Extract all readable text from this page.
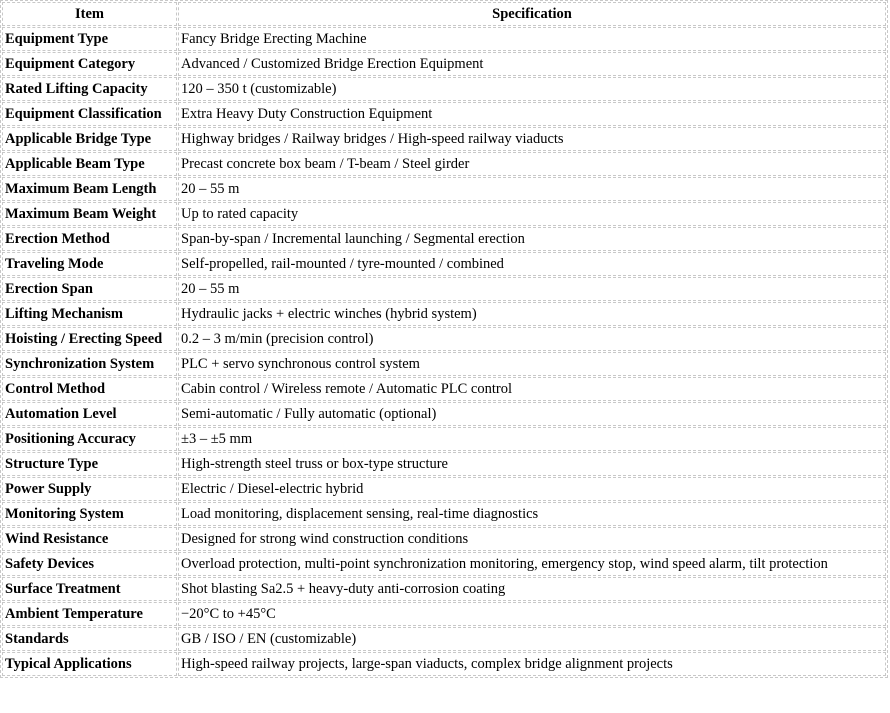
Item	Specification
Equipment Type	Fancy Bridge Erecting Machine
Equipment Category	Advanced / Customized Bridge Erection Equipment
Rated Lifting Capacity	120 – 350 t (customizable)
Equipment Classification	Extra Heavy Duty Construction Equipment
Applicable Bridge Type	Highway bridges / Railway bridges / High-speed railway viaducts
Applicable Beam Type	Precast concrete box beam / T-beam / Steel girder
Maximum Beam Length	20 – 55 m
Maximum Beam Weight	Up to rated capacity
Erection Method	Span-by-span / Incremental launching / Segmental erection
Traveling Mode	Self-propelled, rail-mounted / tyre-mounted / combined
Erection Span	20 – 55 m
Lifting Mechanism	Hydraulic jacks + electric winches (hybrid system)
Hoisting / Erecting Speed	0.2 – 3 m/min (precision control)
Synchronization System	PLC + servo synchronous control system
Control Method	Cabin control / Wireless remote / Automatic PLC control
Automation Level	Semi-automatic / Fully automatic (optional)
Positioning Accuracy	±3 – ±5 mm
Structure Type	High-strength steel truss or box-type structure
Power Supply	Electric / Diesel-electric hybrid
Monitoring System	Load monitoring, displacement sensing, real-time diagnostics
Wind Resistance	Designed for strong wind construction conditions
Safety Devices	Overload protection, multi-point synchronization monitoring, emergency stop, wind speed alarm, tilt protection
Surface Treatment	Shot blasting Sa2.5 + heavy-duty anti-corrosion coating
Ambient Temperature	−20°C to +45°C
Standards	GB / ISO / EN (customizable)
Typical Applications	High-speed railway projects, large-span viaducts, complex bridge alignment projects
